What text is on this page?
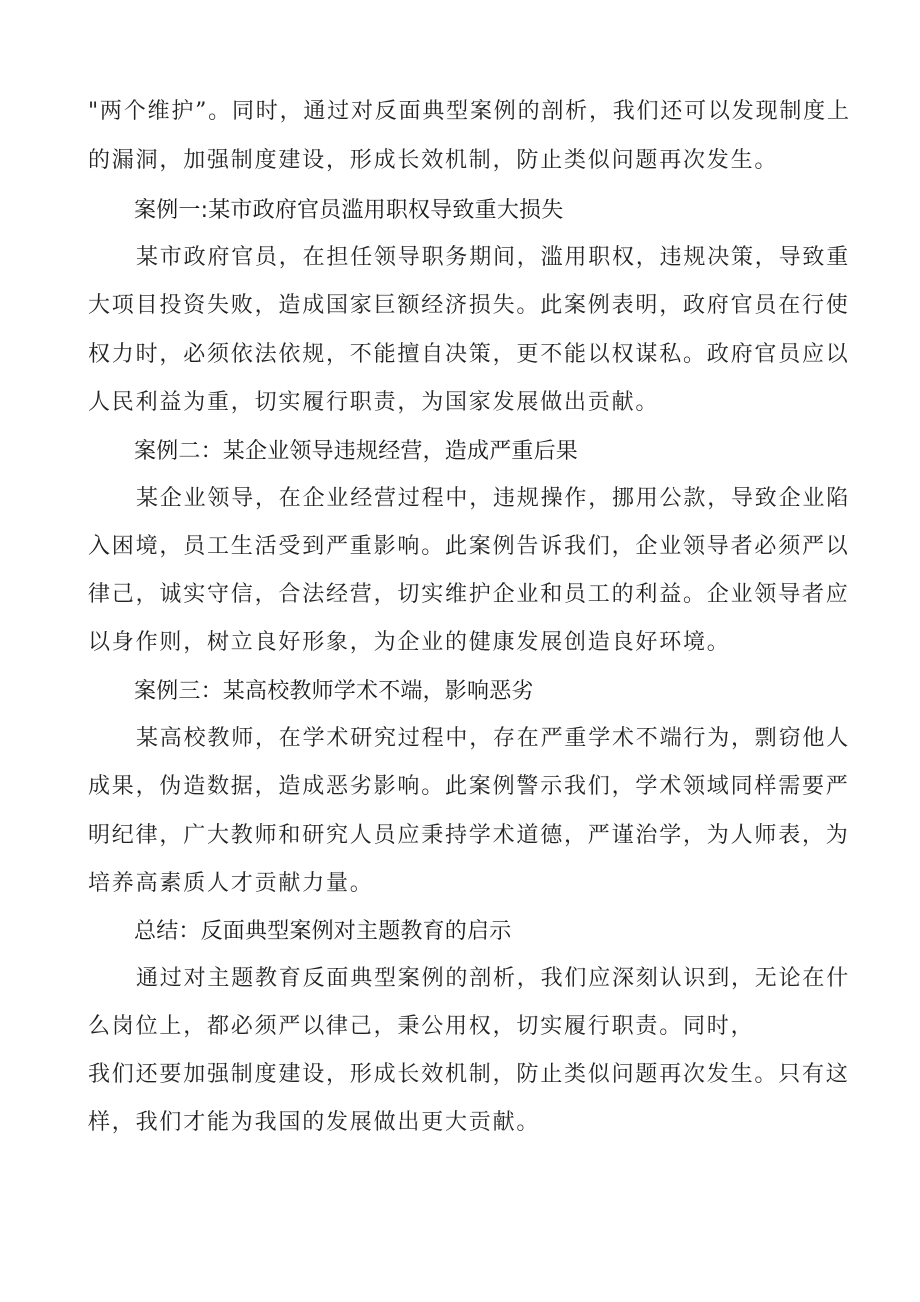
"两个维护”。同时，通过对反面典型案例的剖析，我们还可以发现制度上
的漏洞，加强制度建设，形成长效机制，防止类似问题再次发生。
案例一:某市政府官员滥用职权导致重大损失
某市政府官员，在担任领导职务期间，滥用职权，违规决策，导致重
大项目投资失败，造成国家巨额经济损失。此案例表明，政府官员在行使
权力时，必须依法依规，不能擅自决策，更不能以权谋私。政府官员应以
人民利益为重，切实履行职责，为国家发展做出贡献。
案例二：某企业领导违规经营，造成严重后果
某企业领导，在企业经营过程中，违规操作，挪用公款，导致企业陷
入困境，员工生活受到严重影响。此案例告诉我们，企业领导者必须严以
律己，诚实守信，合法经营，切实维护企业和员工的利益。企业领导者应
以身作则，树立良好形象，为企业的健康发展创造良好环境。
案例三：某高校教师学术不端，影响恶劣
某高校教师，在学术研究过程中，存在严重学术不端行为，剽窃他人
成果，伪造数据，造成恶劣影响。此案例警示我们，学术领域同样需要严
明纪律，广大教师和研究人员应秉持学术道德，严谨治学，为人师表，为
培养高素质人才贡献力量。
总结：反面典型案例对主题教育的启示
通过对主题教育反面典型案例的剖析，我们应深刻认识到，无论在什
么岗位上，都必须严以律己，秉公用权，切实履行职责。同时，
我们还要加强制度建设，形成长效机制，防止类似问题再次发生。只有这
样，我们才能为我国的发展做出更大贡献。
